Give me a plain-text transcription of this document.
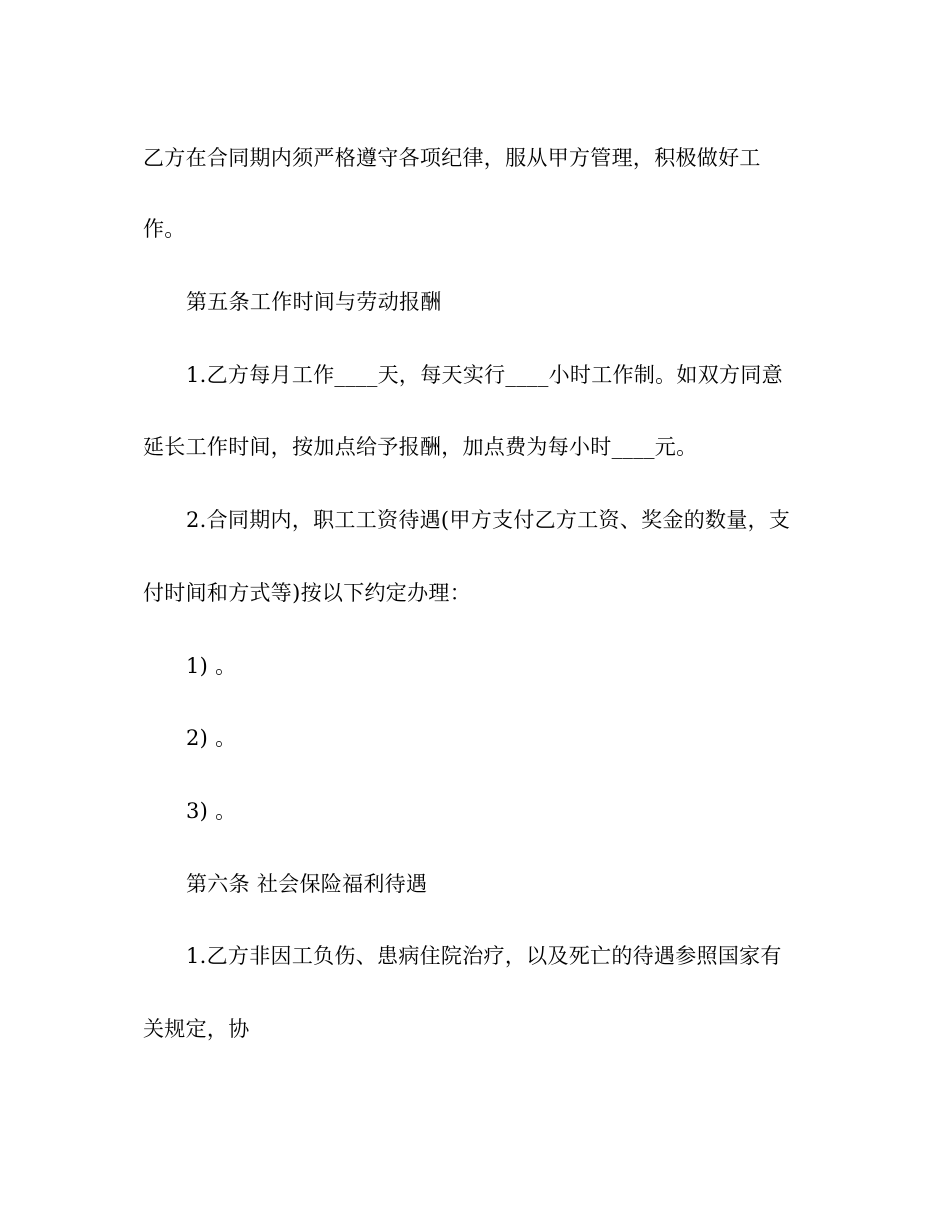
乙方在合同期内须严格遵守各项纪律，服从甲方管理，积极做好工
作。
第五条工作时间与劳动报酬
1.乙方每月工作____天，每天实行____小时工作制。如双方同意
延长工作时间，按加点给予报酬，加点费为每小时____元。
2.合同期内，职工工资待遇(甲方支付乙方工资、奖金的数量，支
付时间和方式等)按以下约定办理：
1) 。
2) 。
3) 。
第六条 社会保险福利待遇
1.乙方非因工负伤、患病住院治疗，以及死亡的待遇参照国家有
关规定，协
